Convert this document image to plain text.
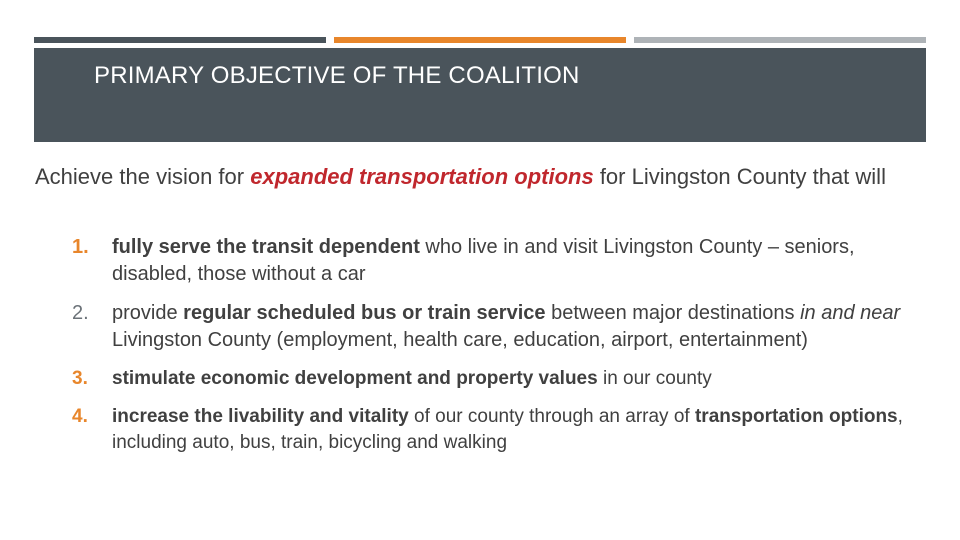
PRIMARY OBJECTIVE OF THE COALITION
Achieve the vision for expanded transportation options for Livingston County that will
1. fully serve the transit dependent who live in and visit Livingston County – seniors, disabled, those without a car
2. provide regular scheduled bus or train service between major destinations in and near Livingston County (employment, health care, education, airport, entertainment)
3. stimulate economic development and property values in our county
4. increase the livability and vitality of our county through an array of transportation options, including auto, bus, train, bicycling and walking
